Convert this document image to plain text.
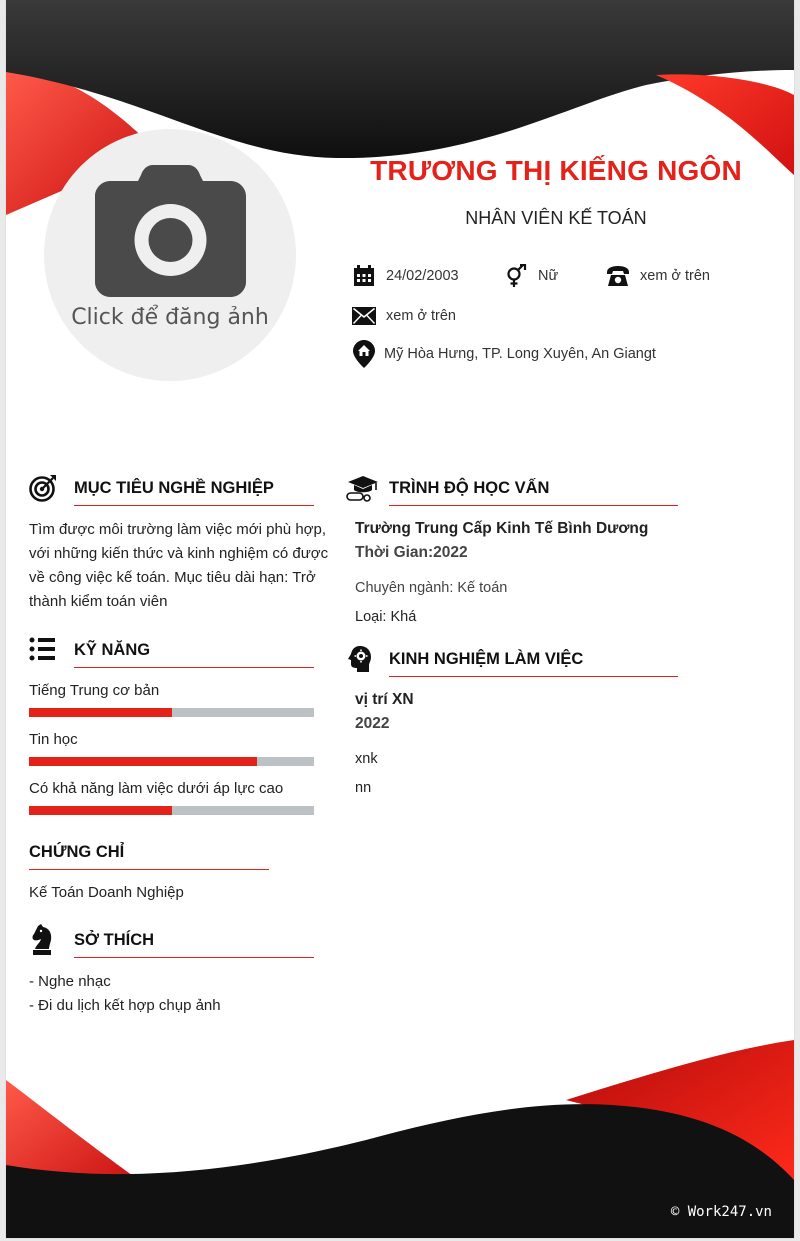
Click để đăng ảnh
TRƯƠNG THỊ KIẾNG NGÔN
NHÂN VIÊN KẾ TOÁN
24/02/2003	Nữ	xem ở trên
xem ở trên
Mỹ Hòa Hưng, TP. Long Xuyên, An Giangt
MỤC TIÊU NGHỀ NGHIỆP
Tìm được môi trường làm việc mới phù hợp,
với những kiến thức và kinh nghiệm có được
về công việc kế toán. Mục tiêu dài hạn: Trở
thành kiểm toán viên
KỸ NĂNG
Tiếng Trung cơ bản
Tin học
Có khả năng làm việc dưới áp lực cao
CHỨNG CHỈ
Kế Toán Doanh Nghiệp
SỞ THÍCH
- Nghe nhạc
- Đi du lịch kết hợp chụp ảnh
TRÌNH ĐỘ HỌC VẤN
Trường Trung Cấp Kinh Tế Bình Dương
Thời Gian:2022
Chuyên ngành: Kế toán
Loại: Khá
KINH NGHIỆM LÀM VIỆC
vị trí XN
2022
xnk
nn
© Work247.vn
